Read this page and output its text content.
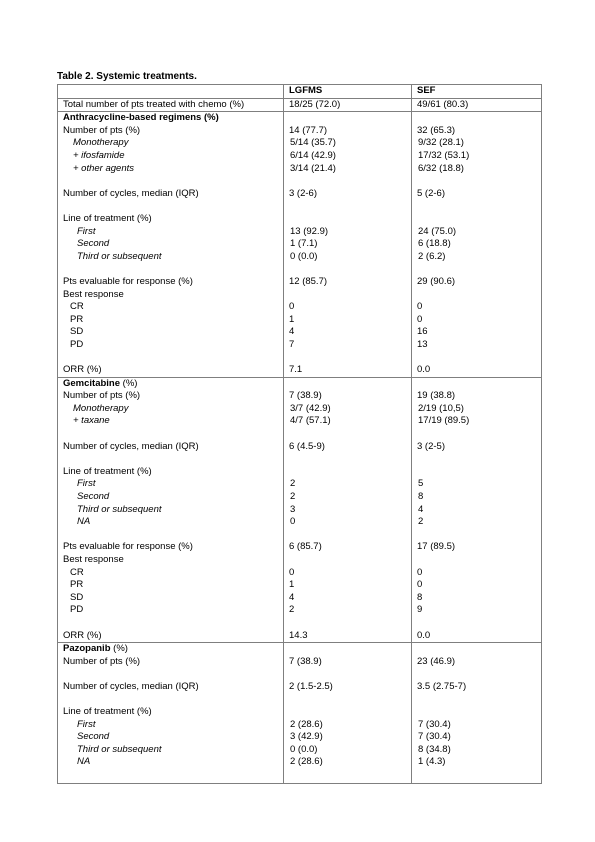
Table 2. Systemic treatments.
	LGFMS	SEF
Total number of pts treated with chemo (%)	18/25 (72.0)	49/61 (80.3)
Anthracycline-based regimens (%)		
Number of pts (%)	14 (77.7)	32 (65.3)
Monotherapy	5/14 (35.7)	9/32 (28.1)
+ ifosfamide	6/14 (42.9)	17/32 (53.1)
+ other agents	3/14 (21.4)	6/32 (18.8)

Number of cycles, median (IQR)	3 (2-6)	5 (2-6)

Line of treatment (%)		
First	13 (92.9)	24 (75.0)
Second	1 (7.1)	6 (18.8)
Third or subsequent	0 (0.0)	2 (6.2)

Pts evaluable for response (%)	12 (85.7)	29 (90.6)
Best response		
CR	0	0
PR	1	0
SD	4	16
PD	7	13

ORR (%)	7.1	0.0
Gemcitabine (%)		
Number of pts (%)	7 (38.9)	19 (38.8)
Monotherapy	3/7 (42.9)	2/19 (10,5)
+ taxane	4/7 (57.1)	17/19 (89.5)

Number of cycles, median (IQR)	6 (4.5-9)	3 (2-5)

Line of treatment (%)		
First	2	5
Second	2	8
Third or subsequent	3	4
NA	0	2

Pts evaluable for response (%)	6 (85.7)	17 (89.5)
Best response		
CR	0	0
PR	1	0
SD	4	8
PD	2	9

ORR (%)	14.3	0.0
Pazopanib (%)		
Number of pts (%)	7 (38.9)	23 (46.9)

Number of cycles, median (IQR)	2 (1.5-2.5)	3.5 (2.75-7)

Line of treatment (%)		
First	2 (28.6)	7 (30.4)
Second	3 (42.9)	7 (30.4)
Third or subsequent	0 (0.0)	8 (34.8)
NA	2 (28.6)	1 (4.3)
